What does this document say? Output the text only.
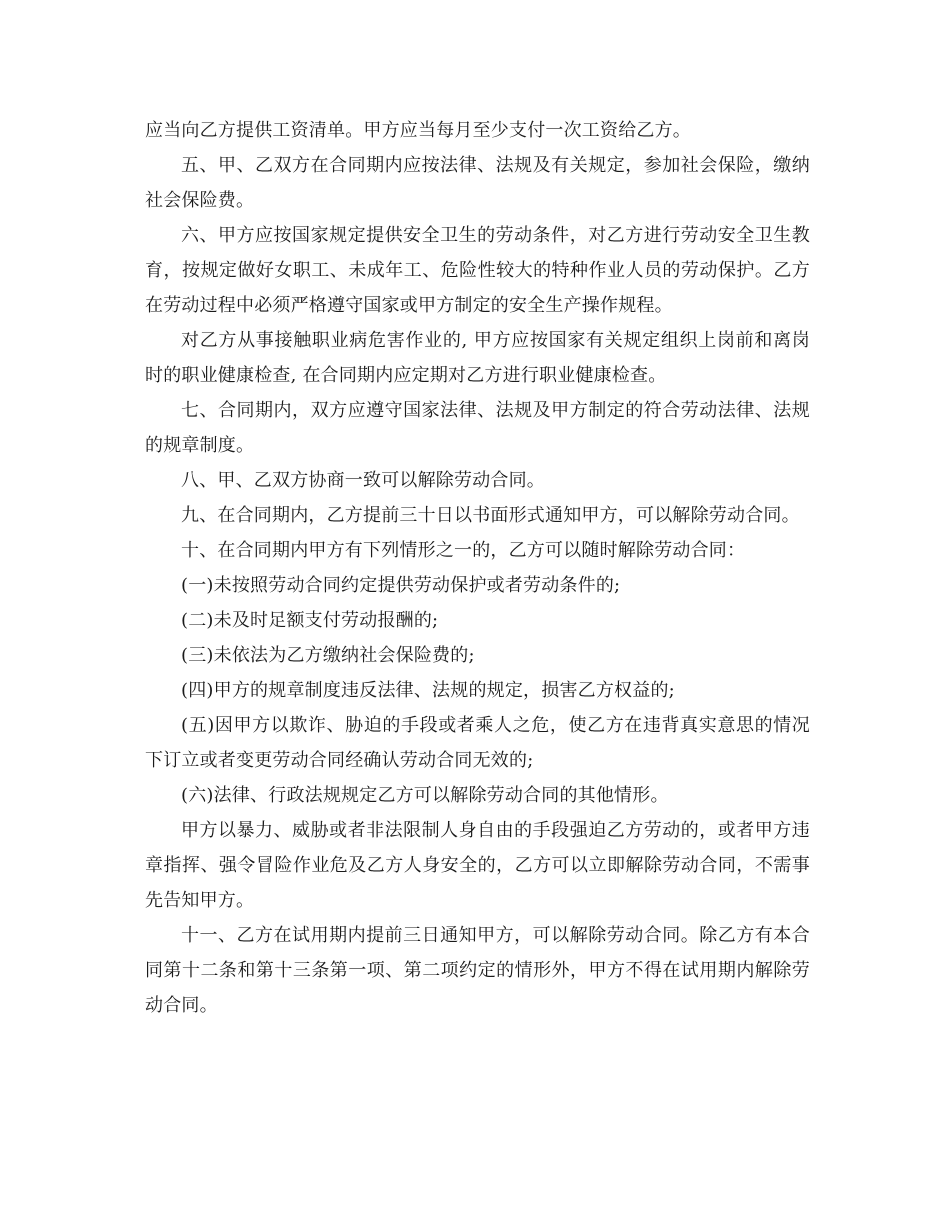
应当向乙方提供工资清单。甲方应当每月至少支付一次工资给乙方。

五、甲、乙双方在合同期内应按法律、法规及有关规定，参加社会保险，缴纳社会保险费。

六、甲方应按国家规定提供安全卫生的劳动条件，对乙方进行劳动安全卫生教育，按规定做好女职工、未成年工、危险性较大的特种作业人员的劳动保护。乙方在劳动过程中必须严格遵守国家或甲方制定的安全生产操作规程。

对乙方从事接触职业病危害作业的, 甲方应按国家有关规定组织上岗前和离岗时的职业健康检查, 在合同期内应定期对乙方进行职业健康检查。

七、合同期内，双方应遵守国家法律、法规及甲方制定的符合劳动法律、法规的规章制度。

八、甲、乙双方协商一致可以解除劳动合同。

九、在合同期内，乙方提前三十日以书面形式通知甲方，可以解除劳动合同。

十、在合同期内甲方有下列情形之一的，乙方可以随时解除劳动合同：

(一)未按照劳动合同约定提供劳动保护或者劳动条件的;

(二)未及时足额支付劳动报酬的;

(三)未依法为乙方缴纳社会保险费的;

(四)甲方的规章制度违反法律、法规的规定，损害乙方权益的;

(五)因甲方以欺诈、胁迫的手段或者乘人之危，使乙方在违背真实意思的情况下订立或者变更劳动合同经确认劳动合同无效的;

(六)法律、行政法规规定乙方可以解除劳动合同的其他情形。

甲方以暴力、威胁或者非法限制人身自由的手段强迫乙方劳动的，或者甲方违章指挥、强令冒险作业危及乙方人身安全的，乙方可以立即解除劳动合同，不需事先告知甲方。

十一、乙方在试用期内提前三日通知甲方，可以解除劳动合同。除乙方有本合同第十二条和第十三条第一项、第二项约定的情形外，甲方不得在试用期内解除劳动合同。
